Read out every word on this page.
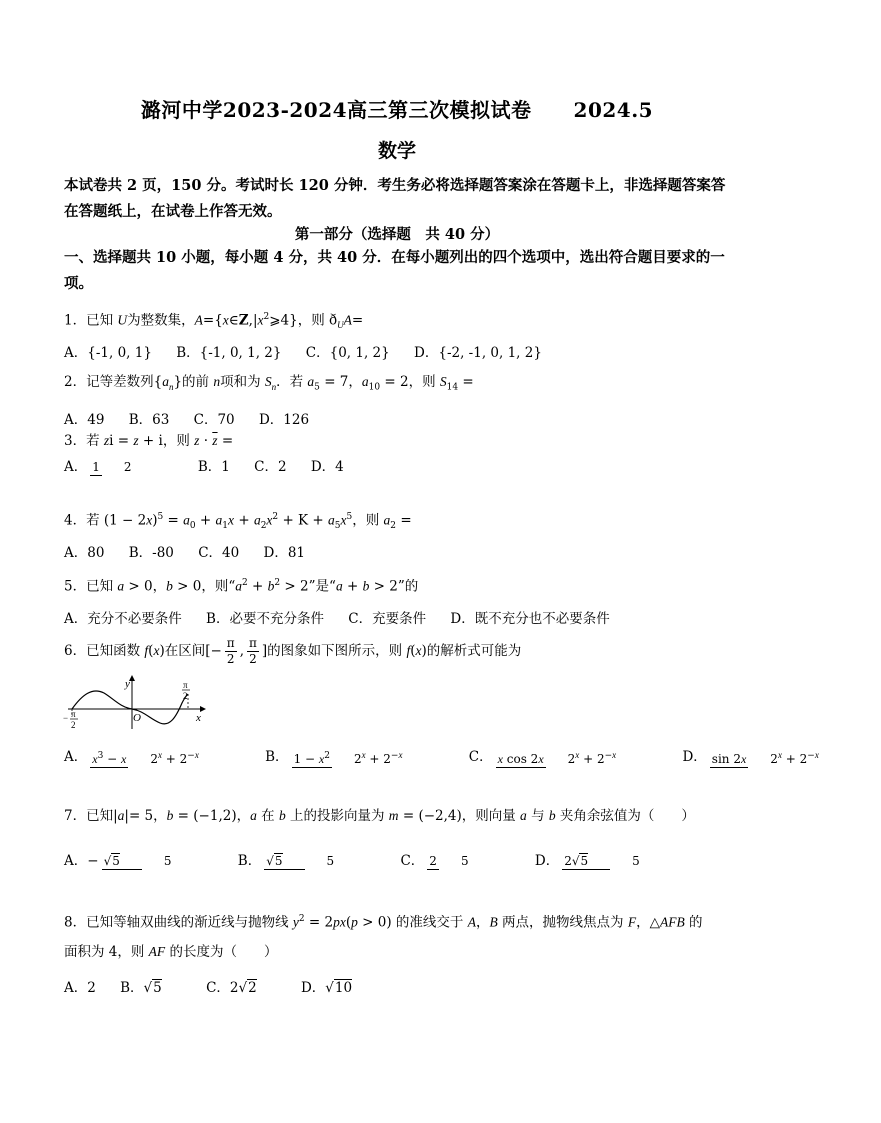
潞河中学2023-2024高三第三次模拟试卷 2024.5
数学
本试卷共 2 页，150 分。考试时长 120 分钟．考生务必将选择题答案涂在答题卡上，非选择题答案答在答题纸上，在试卷上作答无效。
第一部分（选择题　共 40 分）
一、选择题共 10 小题，每小题 4 分，共 40 分．在每小题列出的四个选项中，选出符合题目要求的一项。
1．已知 U为整数集，$A=\{x\in Z,|x^2⩾4\}$，则 $ð_UA=$
A．{-1, 0, 1} B．{-1, 0, 1, 2} C．{0, 1, 2} D．{-2, -1, 0, 1, 2}
2．记等差数列$\{a_n\}$的前 n项和为 $S_n$．若 $a_5 = 7$，$a_{10} = 2$，则 $S_{14}$ =
A．49 B．63 C．70 D．126
3．若 zi = z + i，则 $z \cdot \overline{z}$ =
A． 1 2	B．1 C．2 D．4
4．若 $(1 - 2x)^5 = a_0 + a_1x + a_2x^2 + K + a_5x^5$，则 $a_2$ =
A．80 B．-80 C．40 D．81
5．已知 a > 0，b > 0，则“$a^2 + b^2 > 2$”是“a + b > 2”的
A．充分不必要条件 B．必要不充分条件 C．充要条件 D．既不充分也不必要条件
6．已知函数 f(x)在区间[− $\frac{\pi}{2}$ , $\frac{\pi}{2}$ ]的图象如下图所示，则 f(x)的解析式可能为
y
x
O
− π
2
π
2
A． $x^3 - x$ $2^x + 2^{-x}$	B． $1 - x^2$ $2^x + 2^{-x}$	C． x cos 2x $2^x + 2^{-x}$	D． sin 2x $2^x + 2^{-x}$
7．已知|a|= 5，b = (−1,2)，a 在 b 上的投影向量为 m = (−2,4)，则向量 a 与 b 夹角余弦值为（　　）
A．− √5	5	B． √5	5	C． 2 5	D． 2√5	5
8．已知等轴双曲线的渐近线与抛物线 $y^2 = 2px(p > 0)$ 的准线交于 A，B 两点，抛物线焦点为 F，△AFB 的
面积为 4，则 AF 的长度为（　　）
A．2 B．√5	C．2√2	D．√10
